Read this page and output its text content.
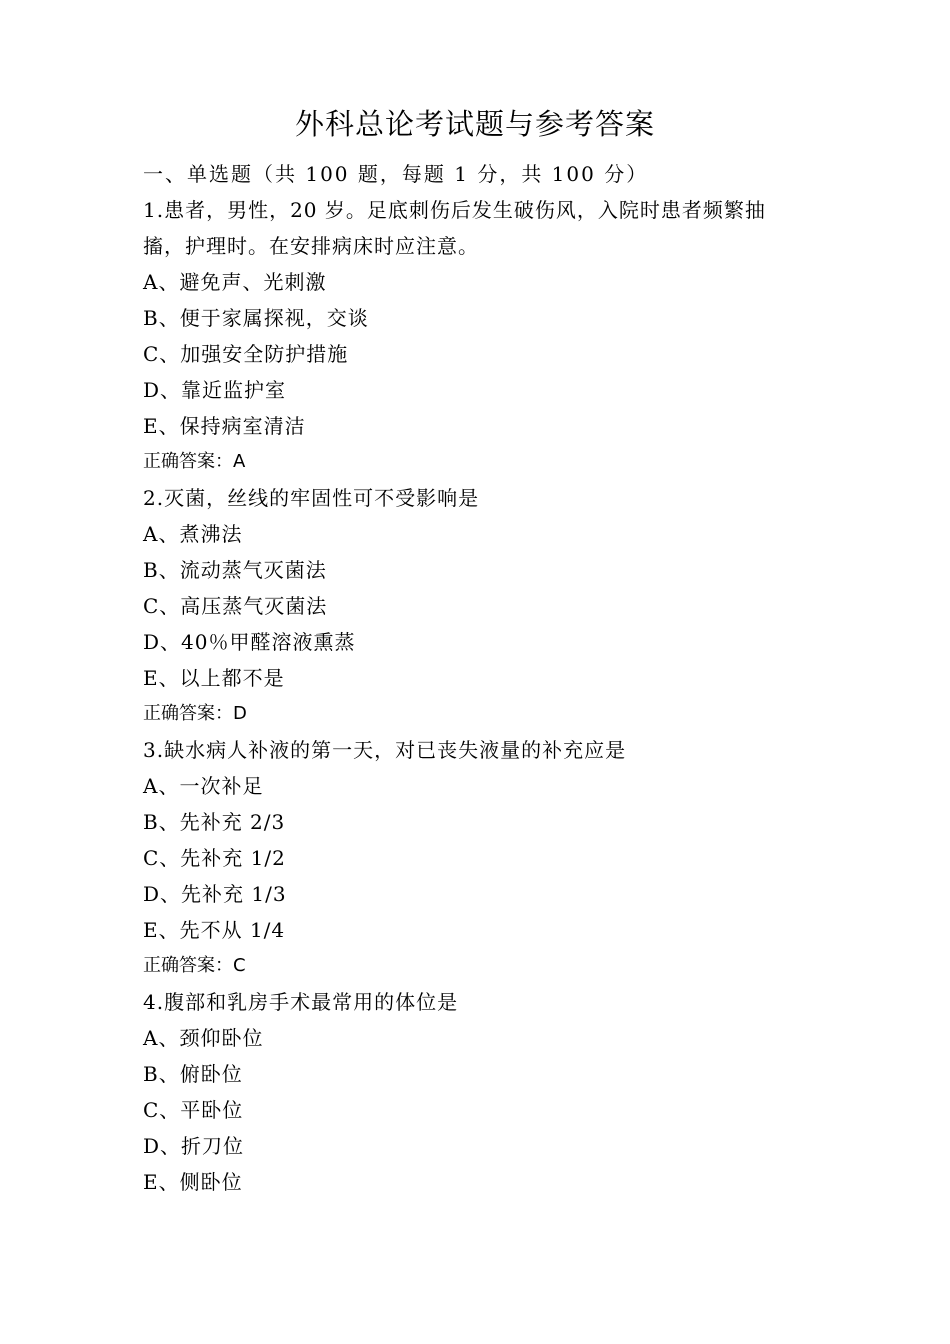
外科总论考试题与参考答案
一、单选题（共 100 题，每题 1 分，共 100 分）
1.患者，男性，20 岁。足底刺伤后发生破伤风，入院时患者频繁抽
搐，护理时。在安排病床时应注意。
A、避免声、光刺激
B、便于家属探视，交谈
C、加强安全防护措施
D、靠近监护室
E、保持病室清洁
正确答案：A
2.灭菌，丝线的牢固性可不受影响是
A、煮沸法
B、流动蒸气灭菌法
C、高压蒸气灭菌法
D、40％甲醛溶液熏蒸
E、以上都不是
正确答案：D
3.缺水病人补液的第一天，对已丧失液量的补充应是
A、一次补足
B、先补充 2/3
C、先补充 1/2
D、先补充 1/3
E、先不从 1/4
正确答案：C
4.腹部和乳房手术最常用的体位是
A、颈仰卧位
B、俯卧位
C、平卧位
D、折刀位
E、侧卧位
